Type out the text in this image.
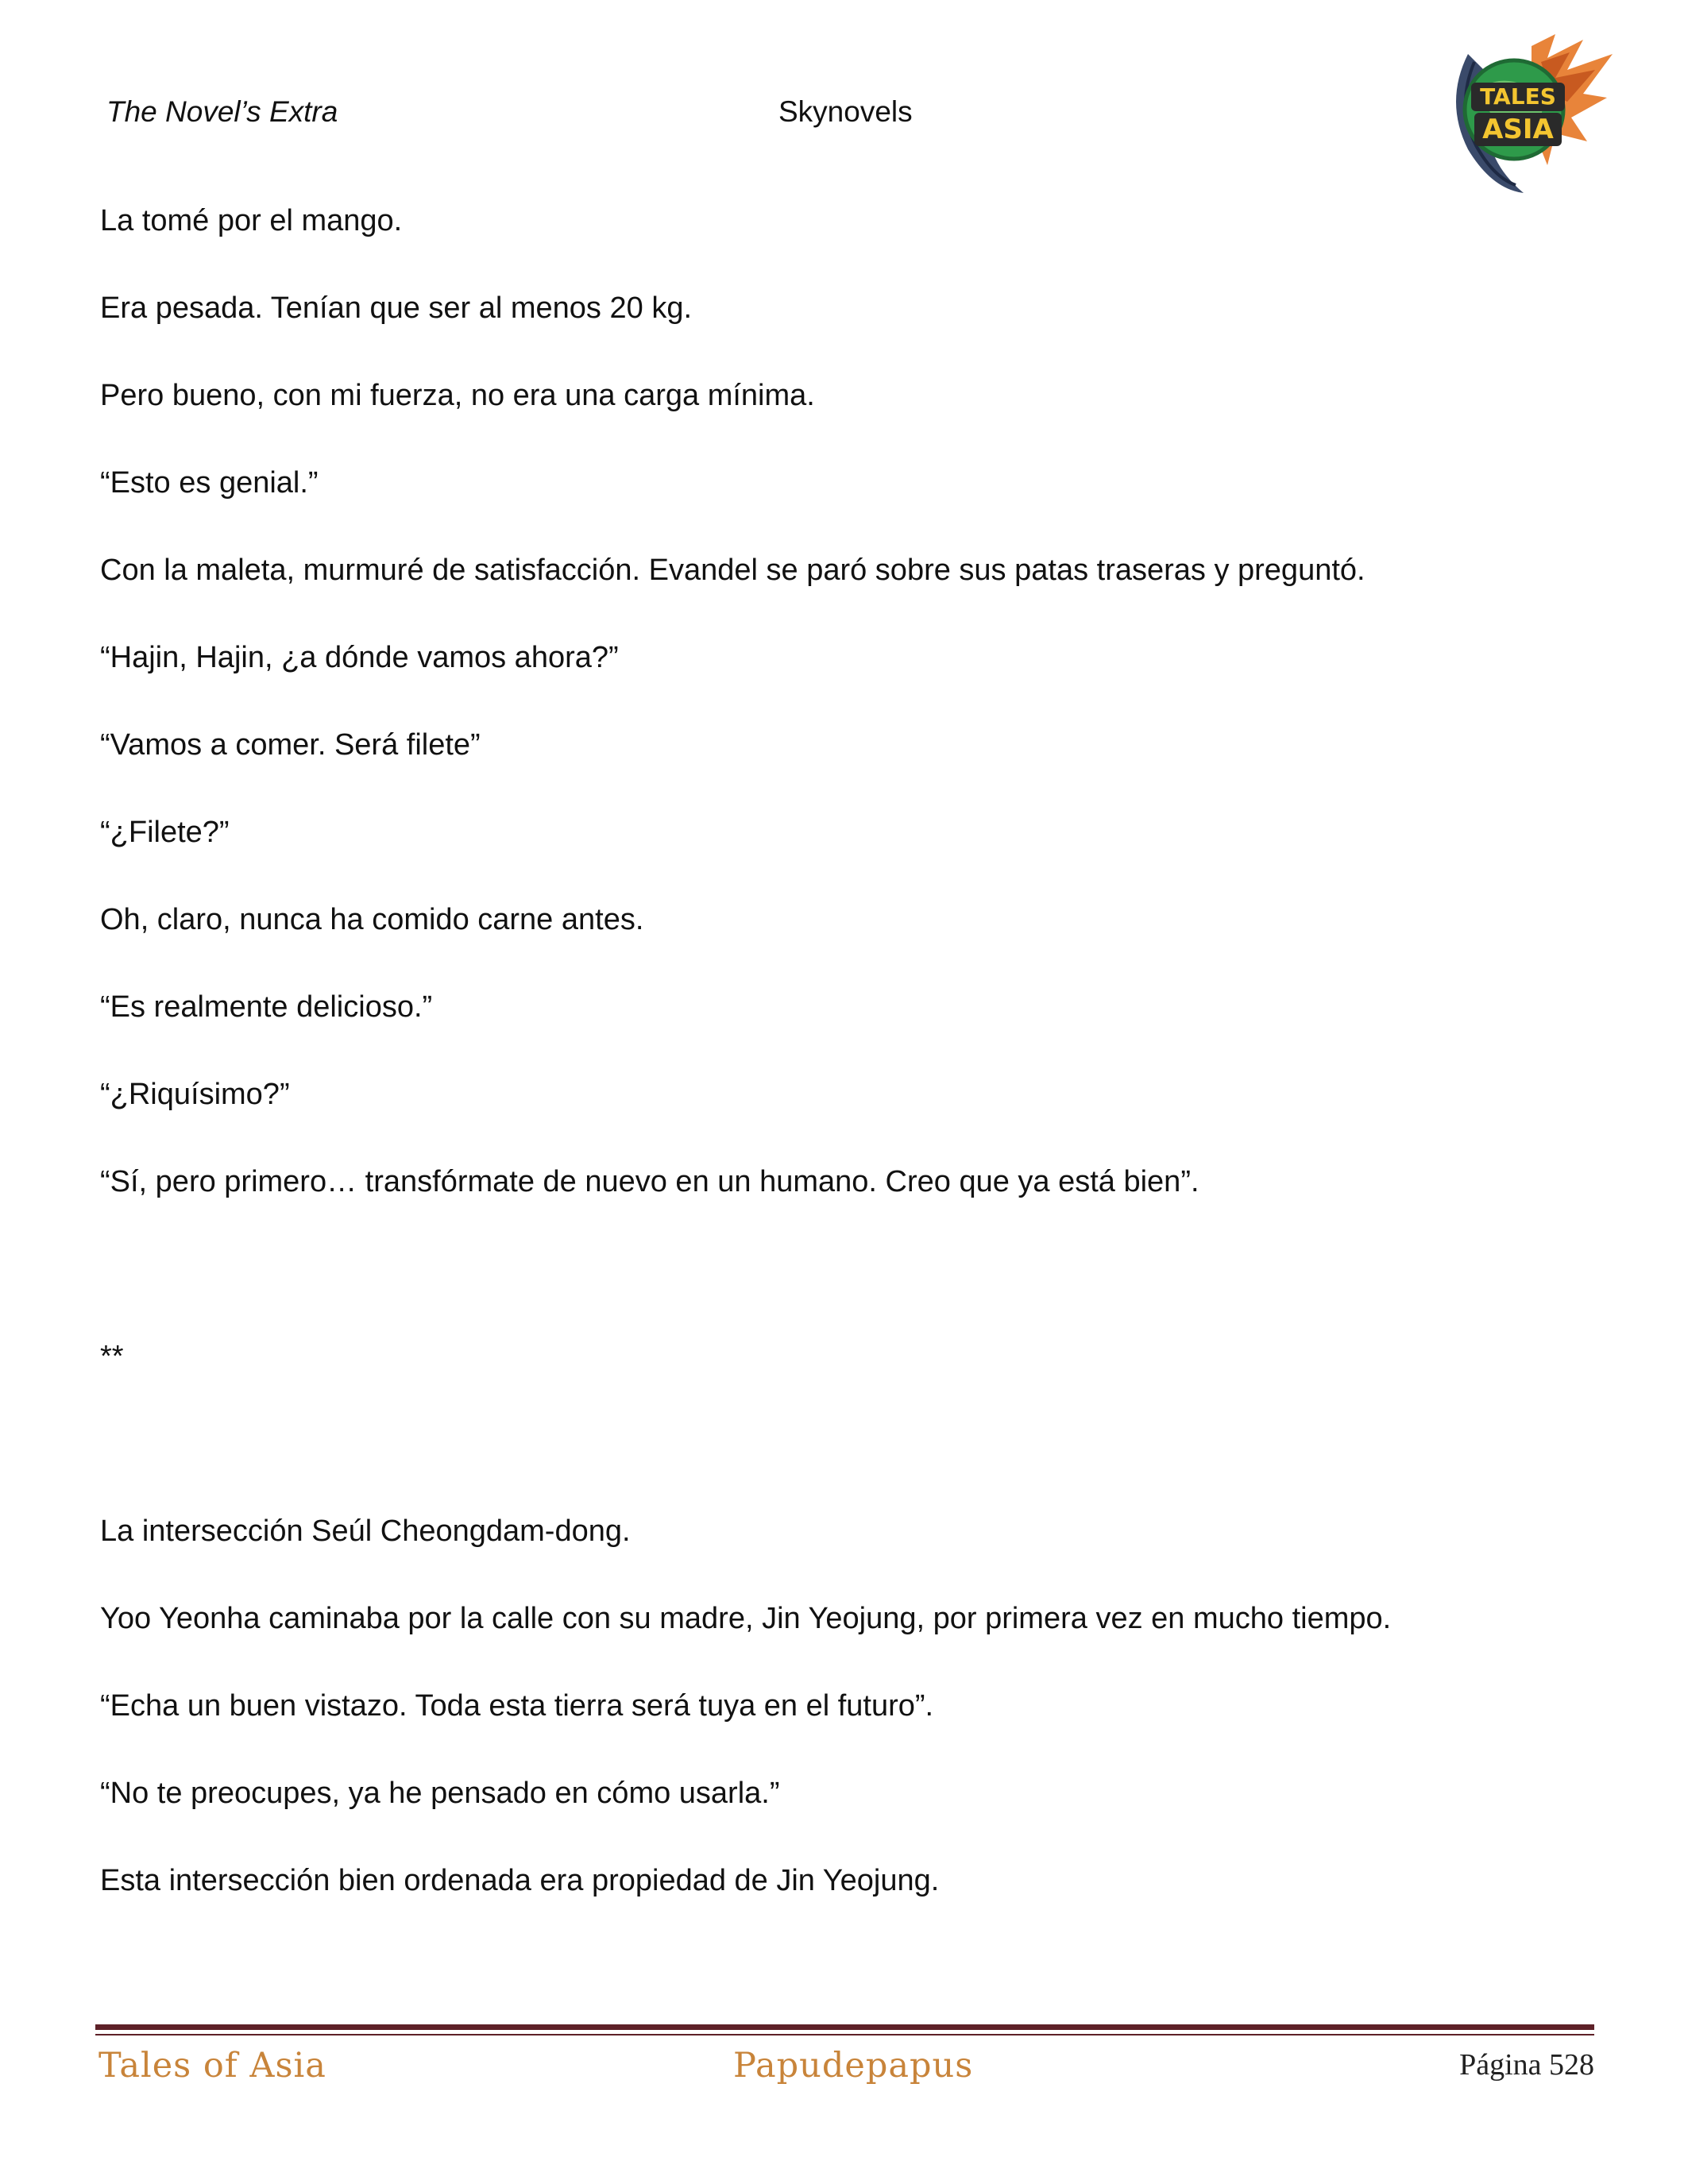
The Novel’s Extra	Skynovels	TALES
ASIA

La tomé por el mango.

Era pesada. Tenían que ser al menos 20 kg.

Pero bueno, con mi fuerza, no era una carga mínima.

“Esto es genial.”

Con la maleta, murmuré de satisfacción. Evandel se paró sobre sus patas traseras y preguntó.

“Hajin, Hajin, ¿a dónde vamos ahora?”

“Vamos a comer. Será filete”

“¿Filete?”

Oh, claro, nunca ha comido carne antes.

“Es realmente delicioso.”

“¿Riquísimo?”

“Sí, pero primero… transfórmate de nuevo en un humano. Creo que ya está bien”.

**

La intersección Seúl Cheongdam-dong.

Yoo Yeonha caminaba por la calle con su madre, Jin Yeojung, por primera vez en mucho tiempo.

“Echa un buen vistazo. Toda esta tierra será tuya en el futuro”.

“No te preocupes, ya he pensado en cómo usarla.”

Esta intersección bien ordenada era propiedad de Jin Yeojung.

Tales of Asia	Papudepapus	Página 528
